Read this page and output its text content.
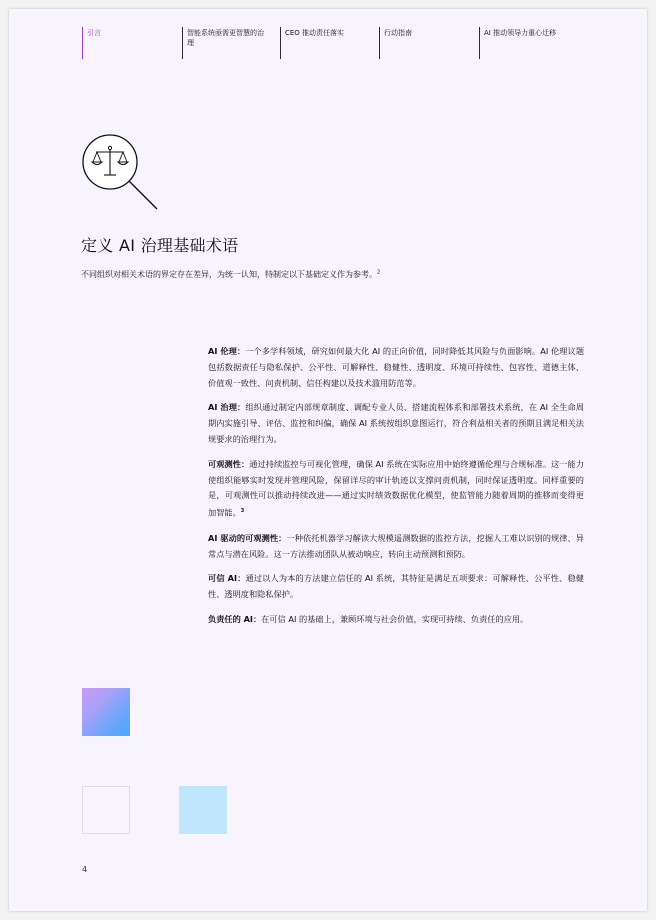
引言	智能系统亟需更智慧的治理
CEO 推动责任落实	行动指南	AI 推动领导力重心迁移
定义 AI 治理基础术语

不同组织对相关术语的界定存在差异，为统一认知，特制定以下基础定义作为参考。$^2$

AI 伦理：一个多学科领域，研究如何最大化 AI 的正向价值，同时降低其风险与负面影响。AI 伦理议题包括数据责任与隐私保护、公平性、可解释性、稳健性、透明度、环境可持续性、包容性、道德主体、价值观一致性、问责机制、信任构建以及技术滥用防范等。

AI 治理：组织通过制定内部规章制度、调配专业人员、搭建流程体系和部署技术系统，在 AI 全生命周期内实施引导、评估、监控和纠偏，确保 AI 系统按组织意图运行，符合利益相关者的预期且满足相关法规要求的治理行为。

可观测性：通过持续监控与可视化管理，确保 AI 系统在实际应用中始终遵循伦理与合规标准。这一能力使组织能够实时发现并管理风险，保留详尽的审计轨迹以支撑问责机制，同时保证透明度。同样重要的是，可观测性可以推动持续改进——通过实时绩效数据优化模型，使监管能力随着周期的推移而变得更加智能。$^3$

AI 驱动的可观测性：一种依托机器学习解读大规模遥测数据的监控方法，挖掘人工难以识别的规律、异常点与潜在风险。这一方法推动团队从被动响应，转向主动预测和预防。

可信 AI：通过以人为本的方法建立信任的 AI 系统，其特征是满足五项要求：可解释性、公平性、稳健性、透明度和隐私保护。

负责任的 AI：在可信 AI 的基础上，兼顾环境与社会价值，实现可持续、负责任的应用。

4
